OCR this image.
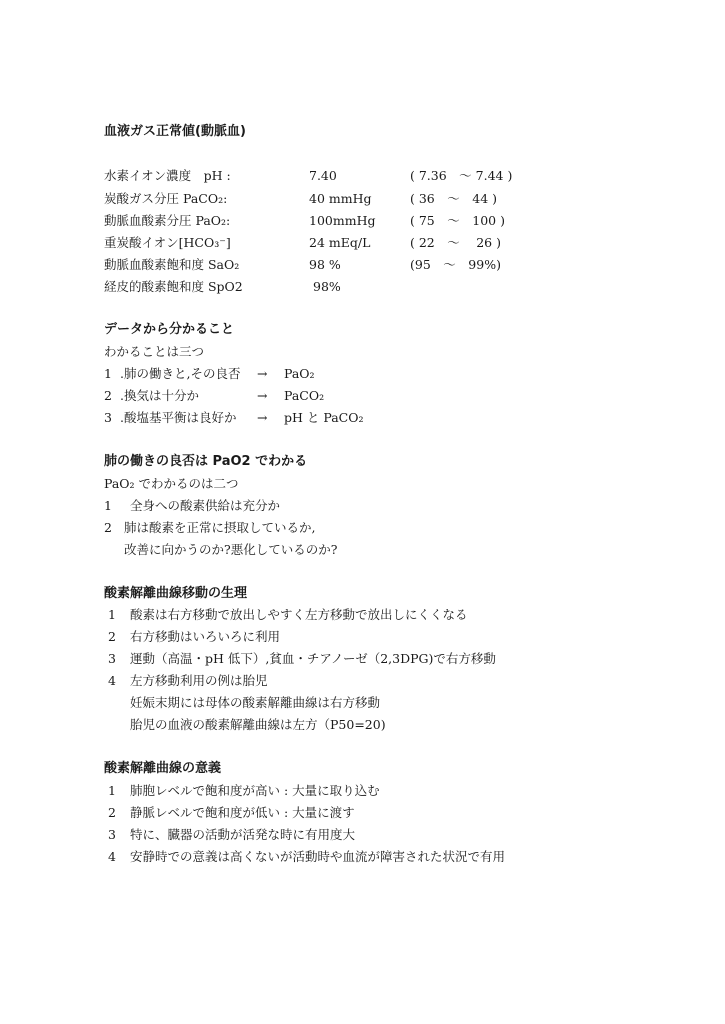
血液ガス正常値(動脈血)
水素イオン濃度　pH :	7.40	( 7.36　～ 7.44 )
炭酸ガス分圧 PaCO₂:	40 mmHg	( 36　～　44 )
動脈血酸素分圧 PaO₂:	100mmHg	( 75　～　100 )
重炭酸イオン[HCO₃⁻]	24 mEq/L	( 22　～　 26 )
動脈血酸素飽和度 SaO₂	98 %	(95　～　99%)
経皮的酸素飽和度 SpO2	98%
データから分かること
わかることは三つ
1 .肺の働きと,その良否 → PaO₂
2 .換気は十分か	→ PaCO₂
3 .酸塩基平衡は良好か → pH と PaCO₂
肺の働きの良否は PaO2 でわかる
PaO₂ でわかるのは二つ
1 全身への酸素供給は充分か
2 肺は酸素を正常に摂取しているか,
改善に向かうのか?悪化しているのか?
酸素解離曲線移動の生理
1 酸素は右方移動で放出しやすく左方移動で放出しにくくなる
2 右方移動はいろいろに利用
3 運動（高温・pH 低下）,貧血・チアノーゼ（2,3DPG)で右方移動
4 左方移動利用の例は胎児
妊娠末期には母体の酸素解離曲線は右方移動
胎児の血液の酸素解離曲線は左方（P50=20)
酸素解離曲線の意義
1 肺胞レベルで飽和度が高い : 大量に取り込む
2 静脈レベルで飽和度が低い : 大量に渡す
3 特に、臓器の活動が活発な時に有用度大
4 安静時での意義は高くないが活動時や血流が障害された状況で有用
